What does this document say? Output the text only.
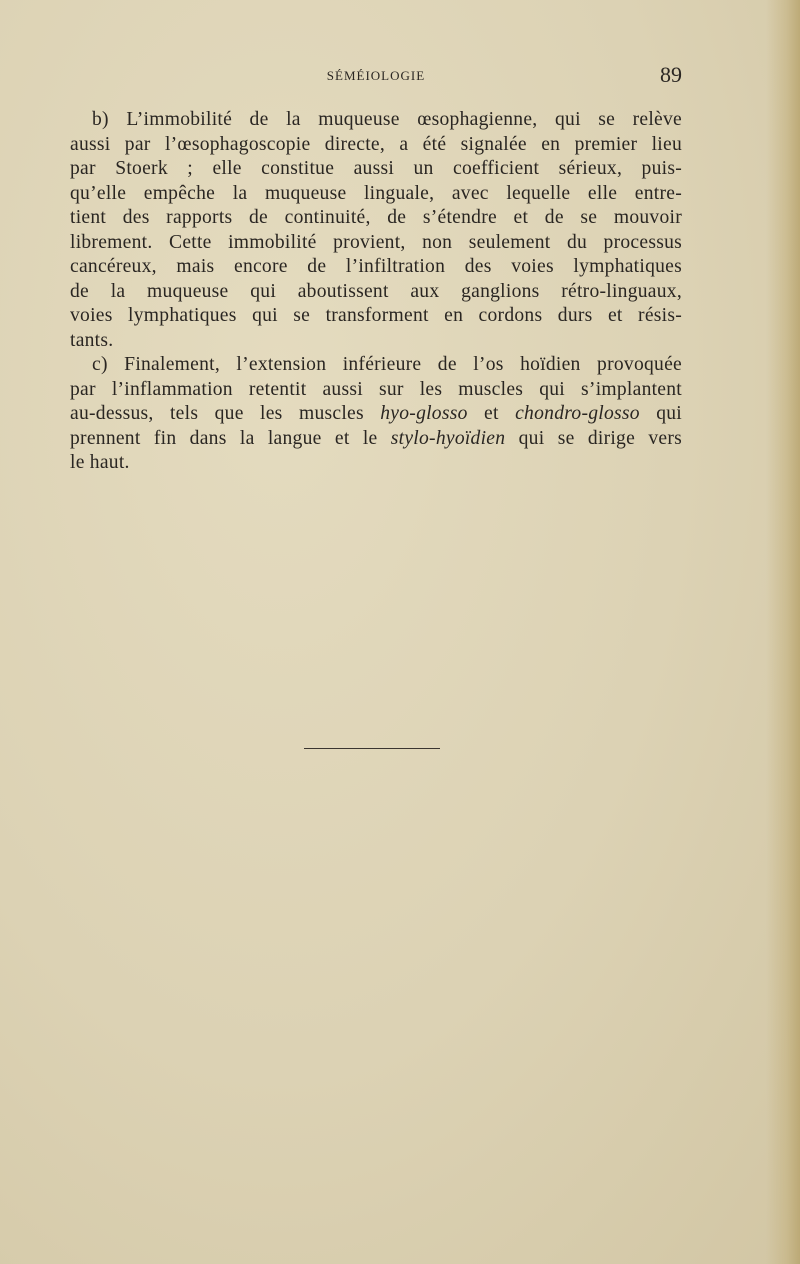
SÉMÉIOLOGIE	89
b) L’immobilité de la muqueuse œsophagienne, qui se relève
aussi par l’œsophagoscopie directe, a été signalée en premier lieu
par Stoerk ; elle constitue aussi un coefficient sérieux, puis-
qu’elle empêche la muqueuse linguale, avec lequelle elle entre-
tient des rapports de continuité, de s’étendre et de se mouvoir
librement. Cette immobilité provient, non seulement du processus
cancéreux, mais encore de l’infiltration des voies lymphatiques
de la muqueuse qui aboutissent aux ganglions rétro-linguaux,
voies lymphatiques qui se transforment en cordons durs et résis-
tants.
c) Finalement, l’extension inférieure de l’os hoïdien provoquée
par l’inflammation retentit aussi sur les muscles qui s’implantent
au-dessus, tels que les muscles hyo-glosso et chondro-glosso qui
prennent fin dans la langue et le stylo-hyoïdien qui se dirige vers
le haut.
